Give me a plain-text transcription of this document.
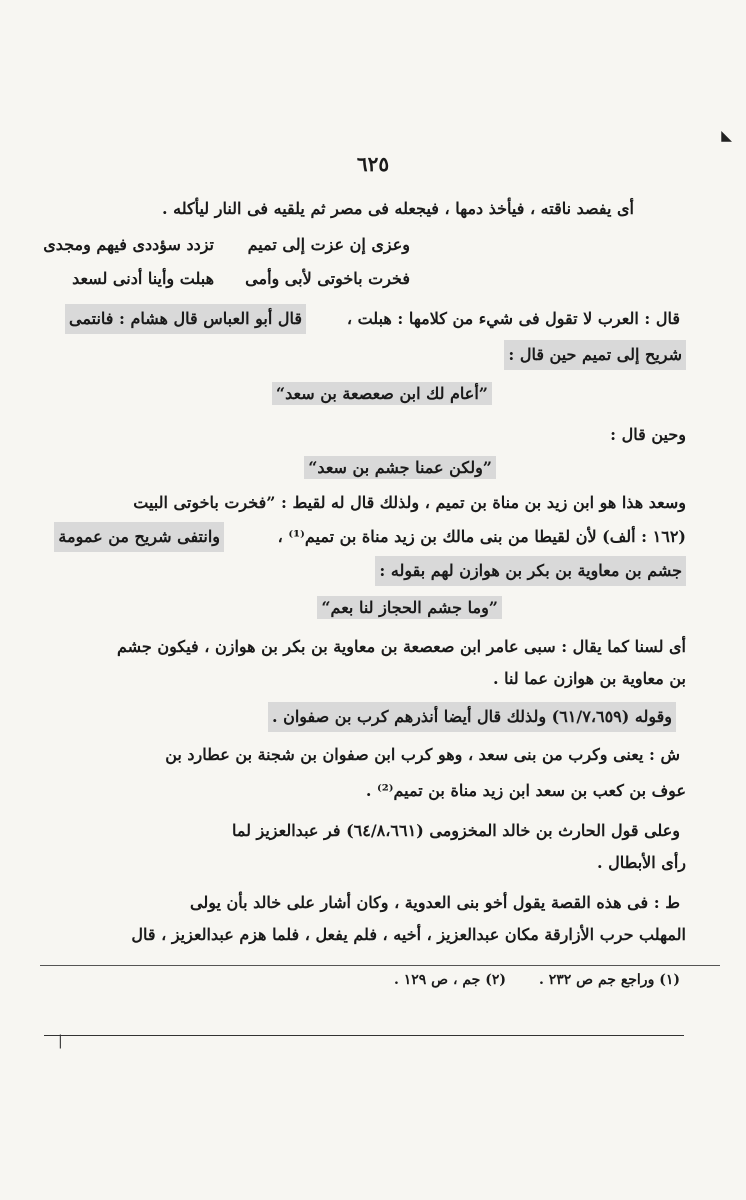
◣
٦٢٥
أى يفصد ناقته ، فيأخذ دمها ، فيجعله فى مصر ثم يلقيه فى النار ليأكله .
وعزى إن عزت إلى تميم
تزدد سؤددى فيهم ومجدى
فخرت باخوتى لأبى وأمى
هبلت وأينا أدنى لسعد
قال : العرب لا تقول فى شيء من كلامها : هبلت ،
قال أبو العباس قال هشام : فانتمى
شريح إلى تميم حين قال :
”أعام لك ابن صعصعة بن سعد“
وحين قال :
”ولكن عمنا جشم بن سعد“
وسعد هذا هو ابن زيد بن مناة بن تميم ، ولذلك قال له لقيط : ”فخرت باخوتى البيت
(١٦٢ : ألف) لأن لقيطا من بنى مالك بن زيد مناة بن تميم⁽¹⁾ ،
وانتفى شريح من عمومة
جشم بن معاوية بن بكر بن هوازن لهم بقوله :
”وما جشم الحجاز لنا بعم“
أى لسنا كما يقال : سبى عامر ابن صعصعة بن معاوية بن بكر بن هوازن ، فيكون جشم
بن معاوية بن هوازن عما لنا .
وقوله (٦١/٧،٦٥٩) ولذلك قال أيضا أنذرهم كرب بن صفوان .
ش : يعنى وكرب من بنى سعد ، وهو كرب ابن صفوان بن شجنة بن عطارد بن
عوف بن كعب بن سعد ابن زيد مناة بن تميم⁽²⁾ .
وعلى قول الحارث بن خالد المخزومى (٦٤/٨،٦٦١) فر عبدالعزيز لما
رأى الأبطال .
ط : فى هذه القصة يقول أخو بنى العدوية ، وكان أشار على خالد بأن يولى
المهلب حرب الأزارقة مكان عبدالعزيز ، أخيه ، فلم يفعل ، فلما هزم عبدالعزيز ، قال
(١) وراجع جم ص ٢٣٢ .
(٢) جم ، ص ١٢٩ .
|
